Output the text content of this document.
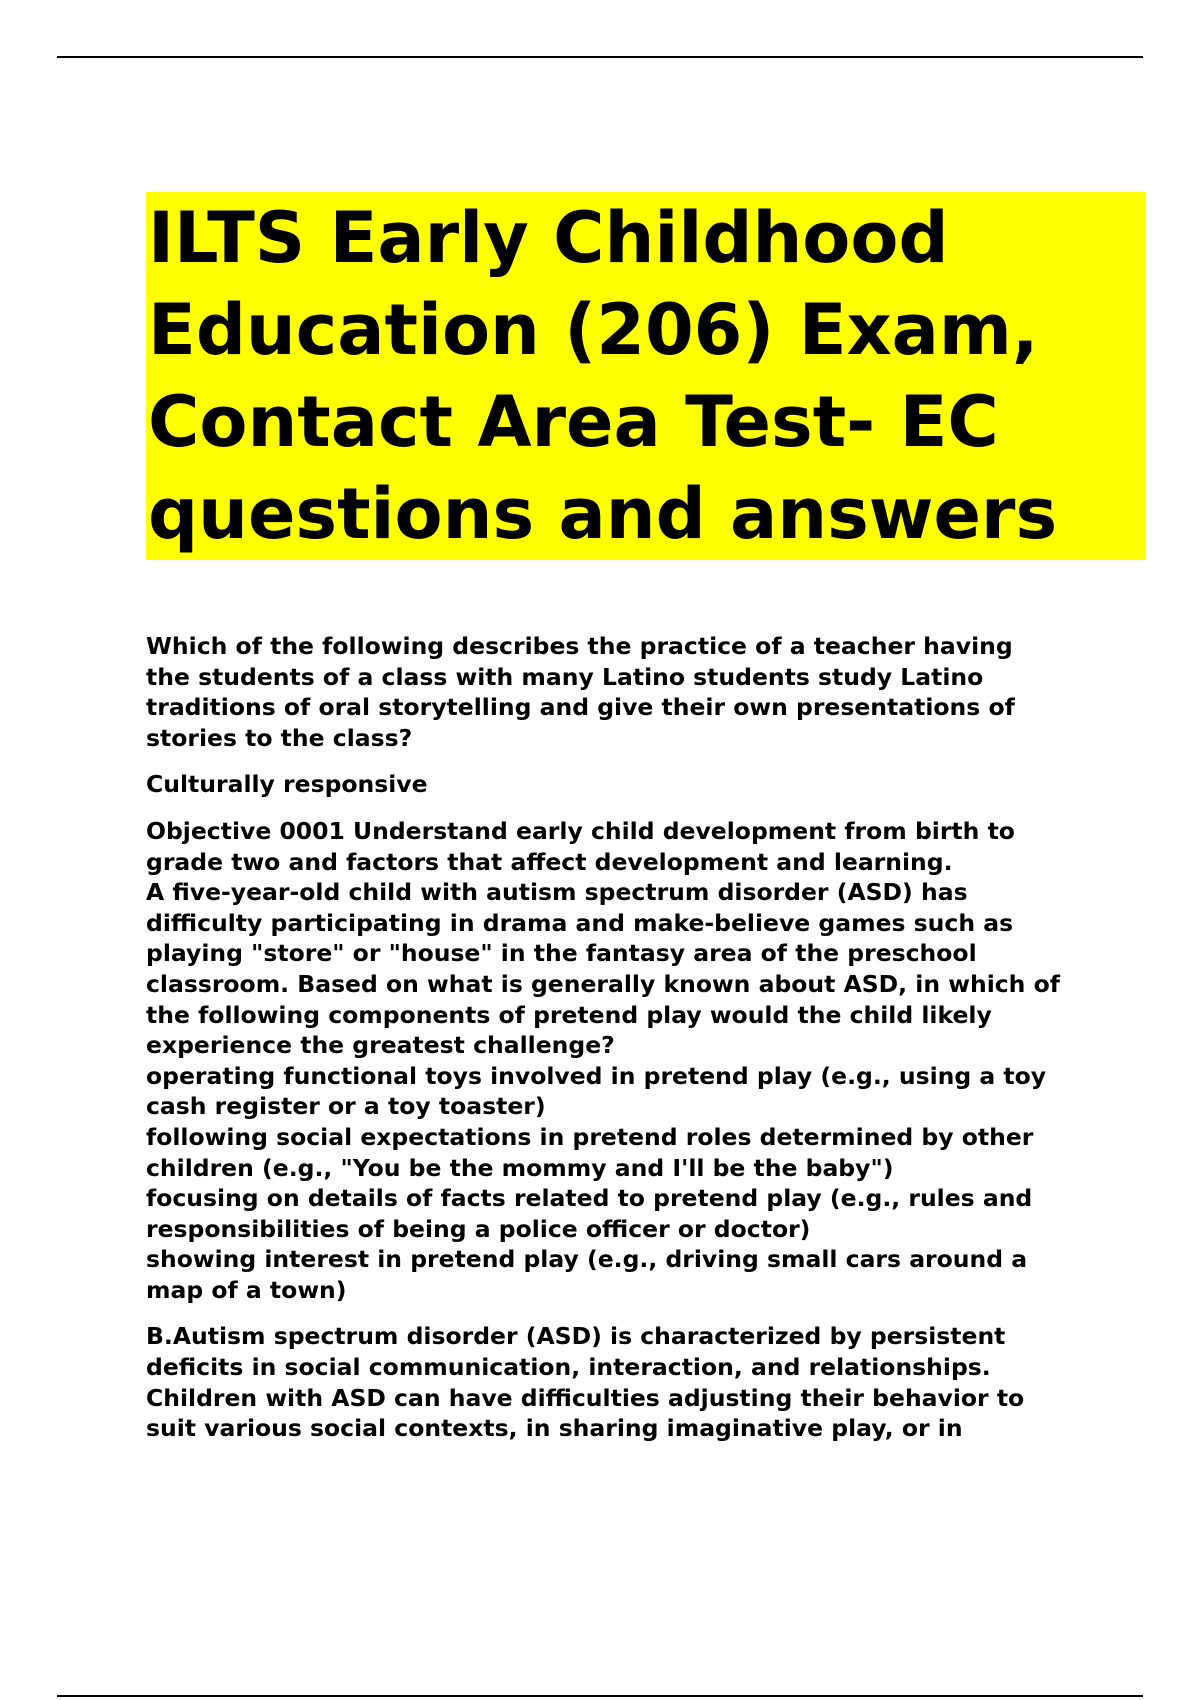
ILTS Early Childhood
Education (206) Exam,
Contact Area Test- EC
questions and answers

Which of the following describes the practice of a teacher having
the students of a class with many Latino students study Latino
traditions of oral storytelling and give their own presentations of
stories to the class?

Culturally responsive

Objective 0001 Understand early child development from birth to
grade two and factors that affect development and learning.
A five-year-old child with autism spectrum disorder (ASD) has
difficulty participating in drama and make-believe games such as
playing "store" or "house" in the fantasy area of the preschool
classroom. Based on what is generally known about ASD, in which of
the following components of pretend play would the child likely
experience the greatest challenge?
operating functional toys involved in pretend play (e.g., using a toy
cash register or a toy toaster)
following social expectations in pretend roles determined by other
children (e.g., "You be the mommy and I'll be the baby")
focusing on details of facts related to pretend play (e.g., rules and
responsibilities of being a police officer or doctor)
showing interest in pretend play (e.g., driving small cars around a
map of a town)

B.Autism spectrum disorder (ASD) is characterized by persistent
deficits in social communication, interaction, and relationships.
Children with ASD can have difficulties adjusting their behavior to
suit various social contexts, in sharing imaginative play, or in
